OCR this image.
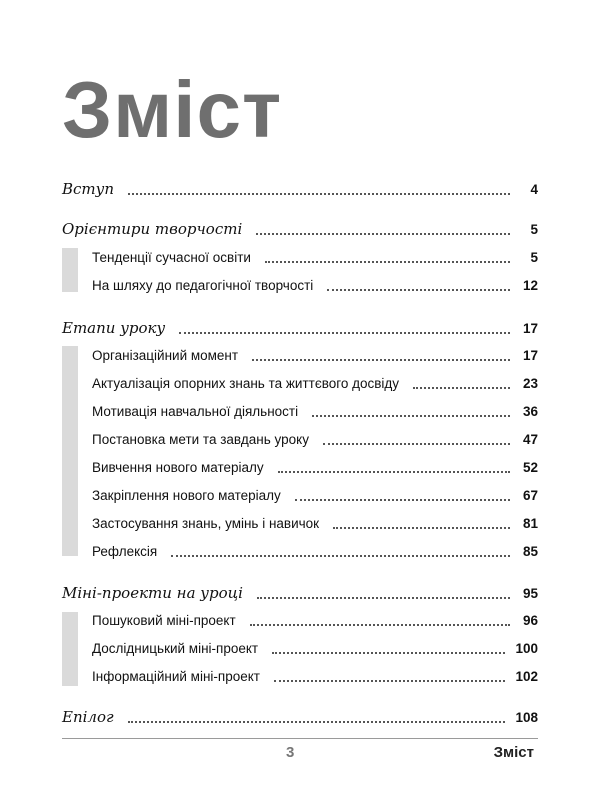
Зміст
Вступ	4
Орієнтири творчості	5
Тенденції сучасної освіти	5
На шляху до педагогічної творчості	12
Етапи уроку	17
Організаційний момент	17
Актуалізація опорних знань та життєвого досвіду	23
Мотивація навчальної діяльності	36
Постановка мети та завдань уроку	47
Вивчення нового матеріалу	52
Закріплення нового матеріалу	67
Застосування знань, умінь і навичок	81
Рефлексія	85
Міні-проекти на уроці	95
Пошуковий міні-проект	96
Дослідницький міні-проект	100
Інформаційний міні-проект	102
Епілог	108
3	Зміст
